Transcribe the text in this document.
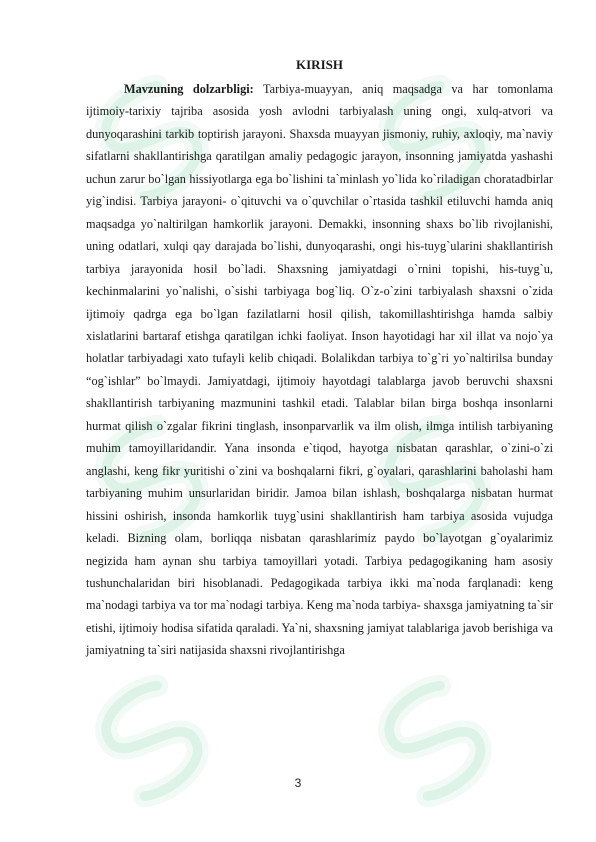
KIRISH

Mavzuning dolzarbligi: Tarbiya-muayyan, aniq maqsadga va har tomonlama ijtimoiy-tarixiy tajriba asosida yosh avlodni tarbiyalash uning ongi, xulq-atvori va dunyoqarashini tarkib toptirish jarayoni. Shaxsda muayyan jismoniy, ruhiy, axloqiy, ma`naviy sifatlarni shakllantirishga qaratilgan amaliy pedagogic jarayon, insonning jamiyatda yashashi uchun zarur bo`lgan hissiyotlarga ega bo`lishini ta`minlash yo`lida ko`riladigan choratadbirlar yig`indisi. Tarbiya jarayoni- o`qituvchi va o`quvchilar o`rtasida tashkil etiluvchi hamda aniq maqsadga yo`naltirilgan hamkorlik jarayoni. Demakki, insonning shaxs bo`lib rivojlanishi, uning odatlari, xulqi qay darajada bo`lishi, dunyoqarashi, ongi his-tuyg`ularini shakllantirish tarbiya jarayonida hosil bo`ladi. Shaxsning jamiyatdagi o`rnini topishi, his-tuyg`u, kechinmalarini yo`nalishi, o`sishi tarbiyaga bog`liq. O`z-o`zini tarbiyalash shaxsni o`zida ijtimoiy qadrga ega bo`lgan fazilatlarni hosil qilish, takomillashtirishga hamda salbiy xislatlarini bartaraf etishga qaratilgan ichki faoliyat. Inson hayotidagi har xil illat va nojo`ya holatlar tarbiyadagi xato tufayli kelib chiqadi. Bolalikdan tarbiya to`g`ri yo`naltirilsa bunday “og`ishlar” bo`lmaydi. Jamiyatdagi, ijtimoiy hayotdagi talablarga javob beruvchi shaxsni shakllantirish tarbiyaning mazmunini tashkil etadi. Talablar bilan birga boshqa insonlarni hurmat qilish o`zgalar fikrini tinglash, insonparvarlik va ilm olish, ilmga intilish tarbiyaning muhim tamoyillaridandir. Yana insonda e`tiqod, hayotga nisbatan qarashlar, o`zini-o`zi anglashi, keng fikr yuritishi o`zini va boshqalarni fikri, g`oyalari, qarashlarini baholashi ham tarbiyaning muhim unsurlaridan biridir. Jamoa bilan ishlash, boshqalarga nisbatan hurmat hissini oshirish, insonda hamkorlik tuyg`usini shakllantirish ham tarbiya asosida vujudga keladi. Bizning olam, borliqqa nisbatan qarashlarimiz paydo bo`layotgan g`oyalarimiz negizida ham aynan shu tarbiya tamoyillari yotadi. Tarbiya pedagogikaning ham asosiy tushunchalaridan biri hisoblanadi. Pedagogikada tarbiya ikki ma`noda farqlanadi: keng ma`nodagi tarbiya va tor ma`nodagi tarbiya. Keng ma`noda tarbiya- shaxsga jamiyatning ta`sir etishi, ijtimoiy hodisa sifatida qaraladi. Ya`ni, shaxsning jamiyat talablariga javob berishiga va jamiyatning ta`siri natijasida shaxsni rivojlantirishga

3
